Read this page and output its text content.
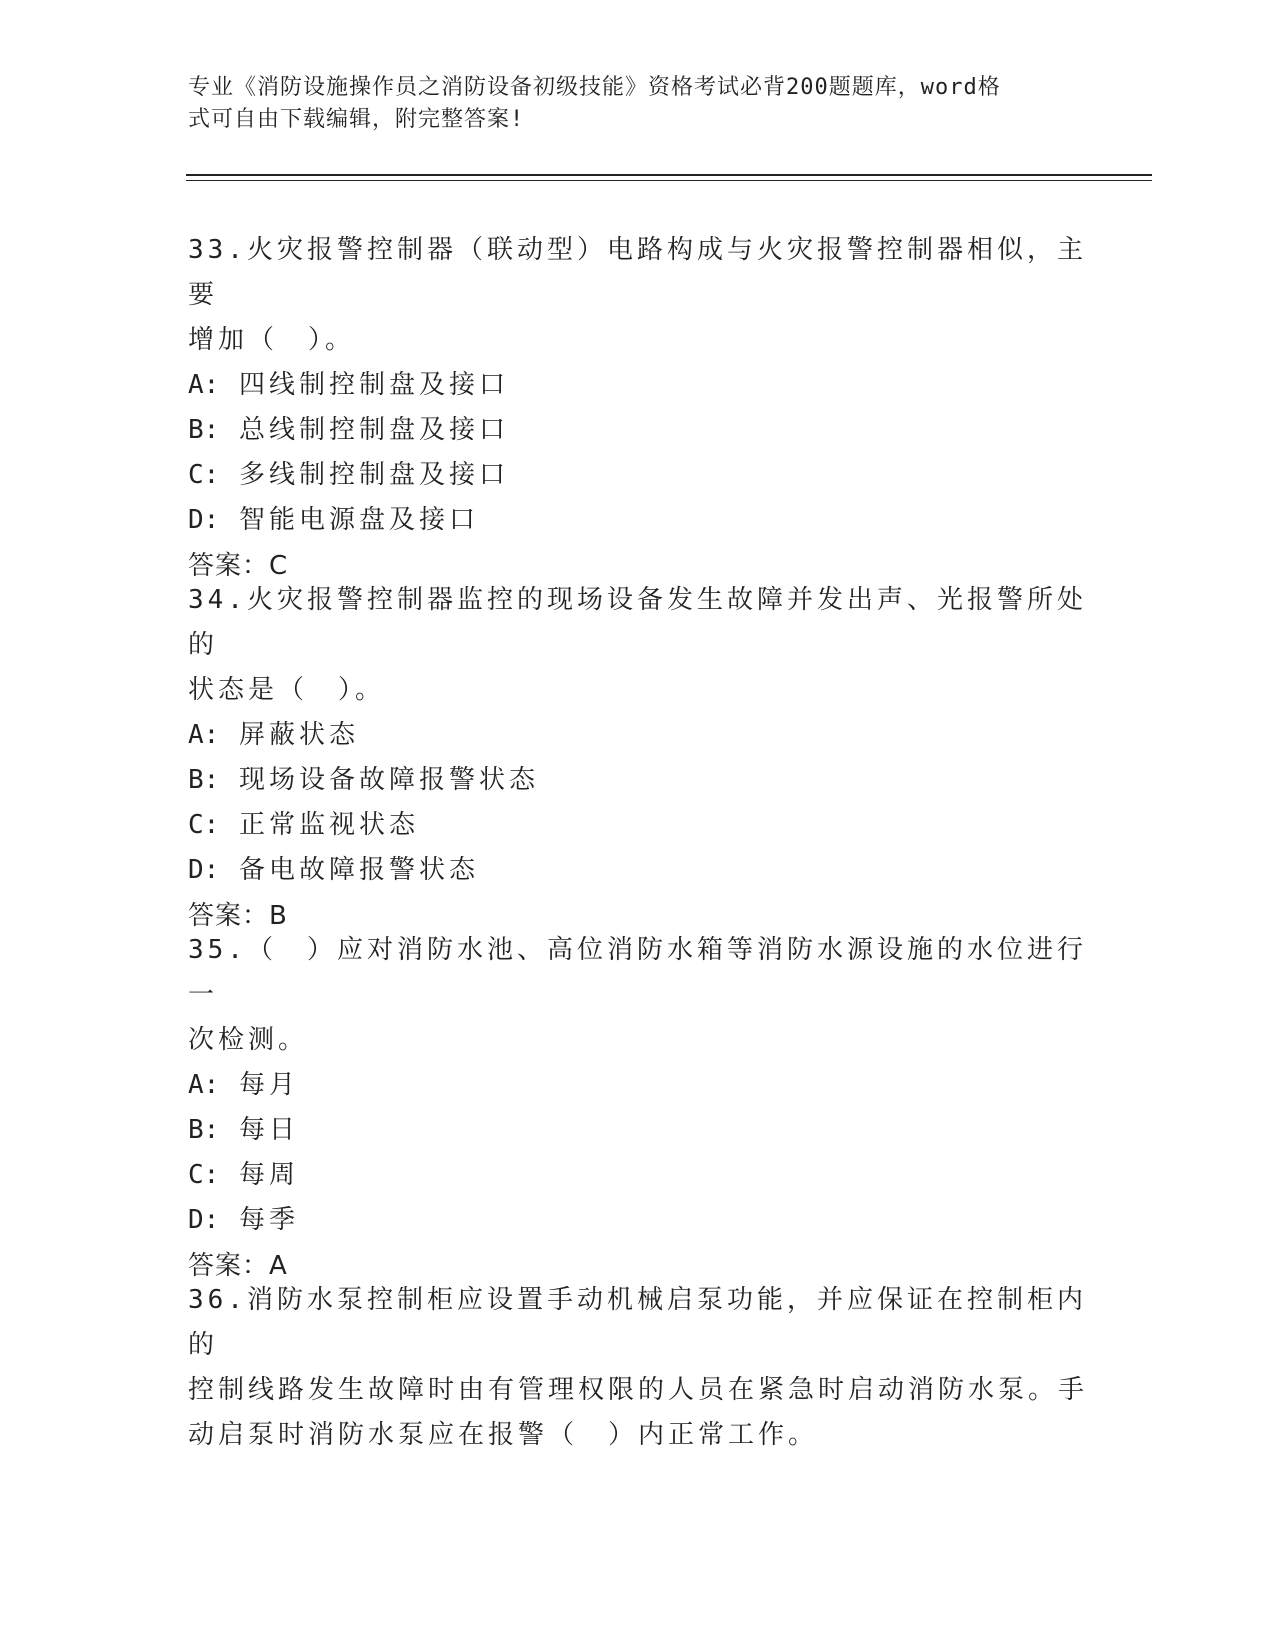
专业《消防设施操作员之消防设备初级技能》资格考试必背200题题库，word格
式可自由下载编辑，附完整答案!
33.火灾报警控制器（联动型）电路构成与火灾报警控制器相似，主要
增加（　）。
A: 四线制控制盘及接口
B: 总线制控制盘及接口
C: 多线制控制盘及接口
D: 智能电源盘及接口
答案：C
34.火灾报警控制器监控的现场设备发生故障并发出声、光报警所处的
状态是（　）。
A: 屏蔽状态
B: 现场设备故障报警状态
C: 正常监视状态
D: 备电故障报警状态
答案：B
35.（　）应对消防水池、高位消防水箱等消防水源设施的水位进行一
次检测。
A: 每月
B: 每日
C: 每周
D: 每季
答案：A
36.消防水泵控制柜应设置手动机械启泵功能，并应保证在控制柜内的
控制线路发生故障时由有管理权限的人员在紧急时启动消防水泵。手
动启泵时消防水泵应在报警（　）内正常工作。
